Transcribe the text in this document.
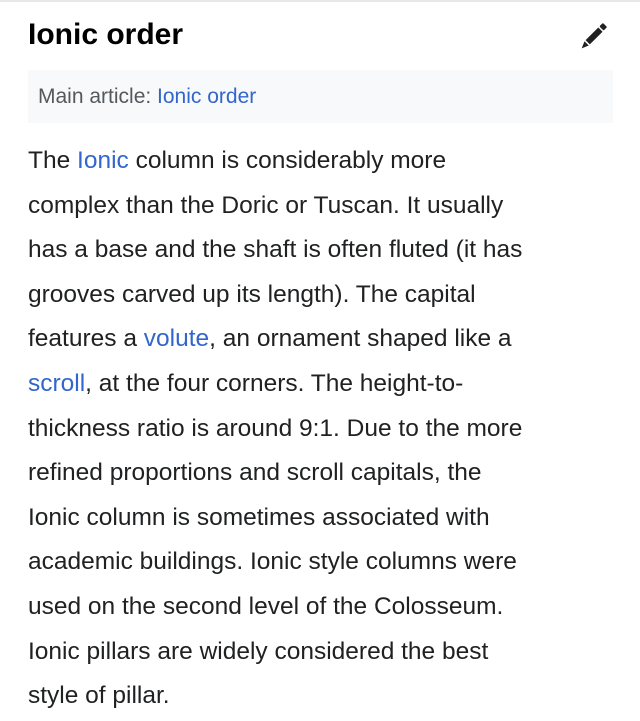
Ionic order
Main article: Ionic order

The Ionic column is considerably more
complex than the Doric or Tuscan. It usually
has a base and the shaft is often fluted (it has
grooves carved up its length). The capital
features a volute, an ornament shaped like a
scroll, at the four corners. The height-to-
thickness ratio is around 9:1. Due to the more
refined proportions and scroll capitals, the
Ionic column is sometimes associated with
academic buildings. Ionic style columns were
used on the second level of the Colosseum.
Ionic pillars are widely considered the best
style of pillar.
